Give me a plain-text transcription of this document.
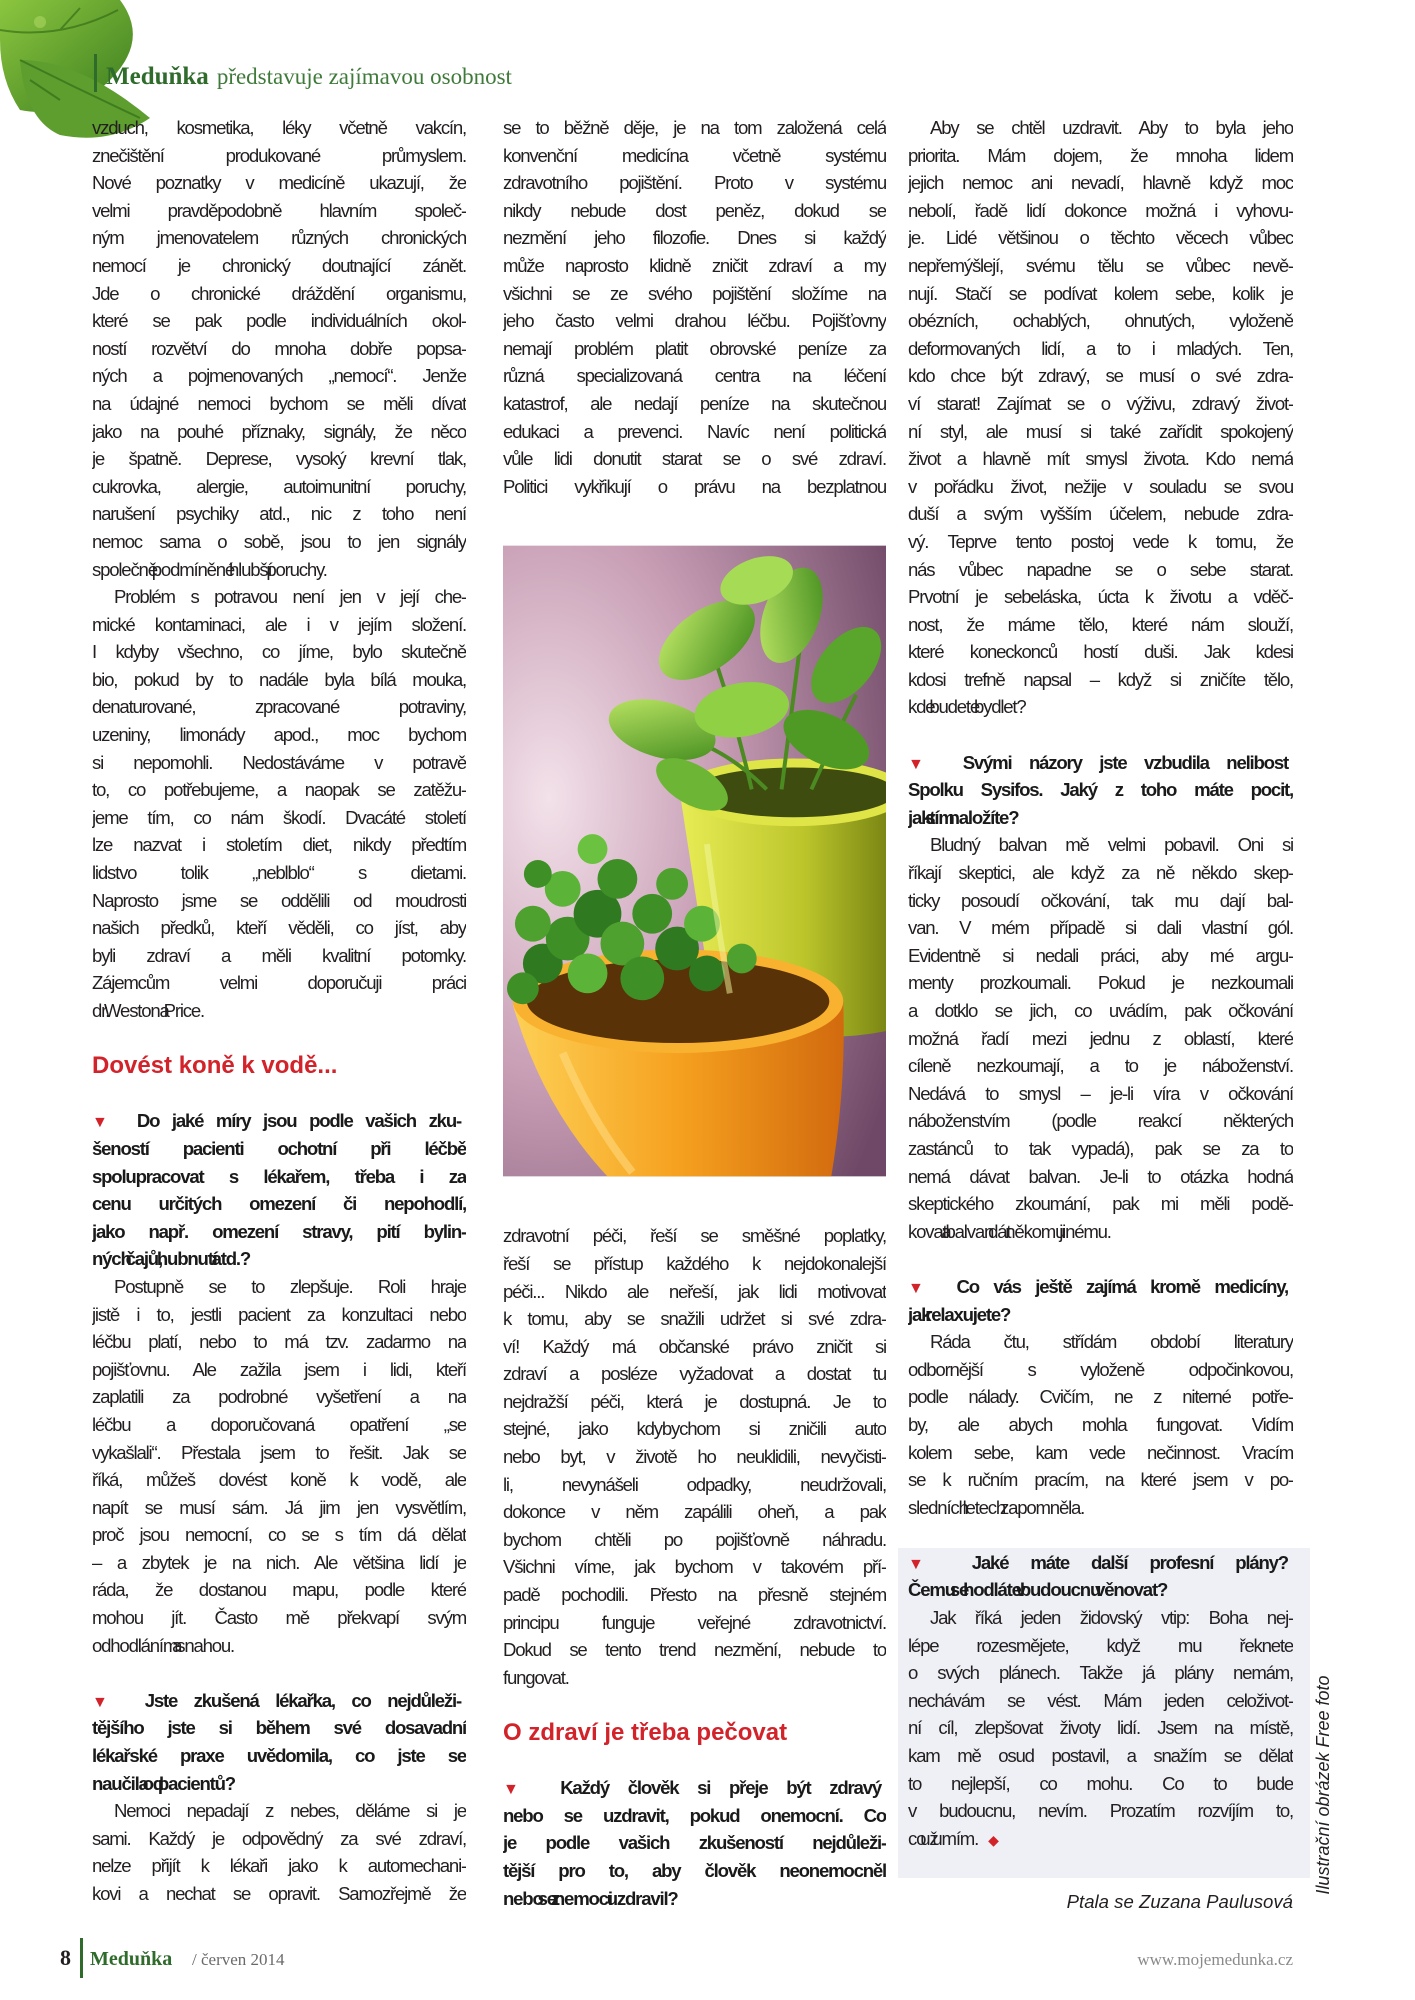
Meduňka představuje zajímavou osobnost
vzduch, kosmetika, léky včetně vakcín,
znečištění produkované průmyslem.
Nové poznatky v medicíně ukazují, že
velmi pravděpodobně hlavním společ-
ným jmenovatelem různých chronických
nemocí je chronický doutnající zánět.
Jde o chronické dráždění organismu,
které se pak podle individuálních okol-
ností rozvětví do mnoha dobře popsa-
ných a pojmenovaných „nemocí“. Jenže
na údajné nemoci bychom se měli dívat
jako na pouhé příznaky, signály, že něco
je špatně. Deprese, vysoký krevní tlak,
cukrovka, alergie, autoimunitní poruchy,
narušení psychiky atd., nic z toho není
nemoc sama o sobě, jsou to jen signály
společně podmíněné hlubší poruchy.
Problém s potravou není jen v její che-
mické kontaminaci, ale i v jejím složení.
I kdyby všechno, co jíme, bylo skutečně
bio, pokud by to nadále byla bílá mouka,
denaturované, zpracované potraviny,
uzeniny, limonády apod., moc bychom
si nepomohli. Nedostáváme v potravě
to, co potřebujeme, a naopak se zatěžu-
jeme tím, co nám škodí. Dvacáté století
lze nazvat i stoletím diet, nikdy předtím
lidstvo tolik „neblblo“ s dietami.
Naprosto jsme se oddělili od moudrosti
našich předků, kteří věděli, co jíst, aby
byli zdraví a měli kvalitní potomky.
Zájemcům velmi doporučuji práci
dr. Westona Price.
Dovést koně k vodě...
▼ Do jaké míry jsou podle vašich zku-
šeností pacienti ochotní při léčbě
spolupracovat s lékařem, třeba i za
cenu určitých omezení či nepohodlí,
jako např. omezení stravy, pití bylin-
ných čajů, hubnutí atd.?
Postupně se to zlepšuje. Roli hraje
jistě i to, jestli pacient za konzultaci nebo
léčbu platí, nebo to má tzv. zadarmo na
pojišťovnu. Ale zažila jsem i lidi, kteří
zaplatili za podrobné vyšetření a na
léčbu a doporučovaná opatření „se
vykašlali“. Přestala jsem to řešit. Jak se
říká, můžeš dovést koně k vodě, ale
napít se musí sám. Já jim jen vysvětlím,
proč jsou nemocní, co se s tím dá dělat
– a zbytek je na nich. Ale většina lidí je
ráda, že dostanou mapu, podle které
mohou jít. Často mě překvapí svým
odhodláním a snahou.
▼ Jste zkušená lékařka, co nejdůleži-
tějšího jste si během své dosavadní
lékařské praxe uvědomila, co jste se
naučila od pacientů?
Nemoci nepadají z nebes, děláme si je
sami. Každý je odpovědný za své zdraví,
nelze přijít k lékaři jako k automechani-
kovi a nechat se opravit. Samozřejmě že
se to běžně děje, je na tom založená celá
konvenční medicína včetně systému
zdravotního pojištění. Proto v systému
nikdy nebude dost peněz, dokud se
nezmění jeho filozofie. Dnes si každý
může naprosto klidně zničit zdraví a my
všichni se ze svého pojištění složíme na
jeho často velmi drahou léčbu. Pojišťovny
nemají problém platit obrovské peníze za
různá specializovaná centra na léčení
katastrof, ale nedají peníze na skutečnou
edukaci a prevenci. Navíc není politická
vůle lidi donutit starat se o své zdraví.
Politici vykřikují o právu na bezplatnou
zdravotní péči, řeší se směšné poplatky,
řeší se přístup každého k nejdokonalejší
péči... Nikdo ale neřeší, jak lidi motivovat
k tomu, aby se snažili udržet si své zdra-
ví! Každý má občanské právo zničit si
zdraví a posléze vyžadovat a dostat tu
nejdražší péči, která je dostupná. Je to
stejné, jako kdybychom si zničili auto
nebo byt, v životě ho neuklidili, nevyčisti-
li, nevynášeli odpadky, neudržovali,
dokonce v něm zapálili oheň, a pak
bychom chtěli po pojišťovně náhradu.
Všichni víme, jak bychom v takovém pří-
padě pochodili. Přesto na přesně stejném
principu funguje veřejné zdravotnictví.
Dokud se tento trend nezmění, nebude to
fungovat.
O zdraví je třeba pečovat
▼ Každý člověk si přeje být zdravý
nebo se uzdravit, pokud onemocní. Co
je podle vašich zkušeností nejdůleži-
tější pro to, aby člověk neonemocněl
nebo se z nemoci uzdravil?
Aby se chtěl uzdravit. Aby to byla jeho
priorita. Mám dojem, že mnoha lidem
jejich nemoc ani nevadí, hlavně když moc
nebolí, řadě lidí dokonce možná i vyhovu-
je. Lidé většinou o těchto věcech vůbec
nepřemýšlejí, svému tělu se vůbec nevě-
nují. Stačí se podívat kolem sebe, kolik je
obézních, ochablých, ohnutých, vyloženě
deformovaných lidí, a to i mladých. Ten,
kdo chce být zdravý, se musí o své zdra-
ví starat! Zajímat se o výživu, zdravý život-
ní styl, ale musí si také zařídit spokojený
život a hlavně mít smysl života. Kdo nemá
v pořádku život, nežije v souladu se svou
duší a svým vyšším účelem, nebude zdra-
vý. Teprve tento postoj vede k tomu, že
nás vůbec napadne se o sebe starat.
Prvotní je sebeláska, úcta k životu a vděč-
nost, že máme tělo, které nám slouží,
které koneckonců hostí duši. Jak kdesi
kdosi trefně napsal – když si zničíte tělo,
kde budete bydlet?
▼ Svými názory jste vzbudila nelibost
Spolku Sysifos. Jaký z toho máte pocit,
jak s tím naložíte?
Bludný balvan mě velmi pobavil. Oni si
říkají skeptici, ale když za ně někdo skep-
ticky posoudí očkování, tak mu dají bal-
van. V mém případě si dali vlastní gól.
Evidentně si nedali práci, aby mé argu-
menty prozkoumali. Pokud je nezkoumali
a dotklo se jich, co uvádím, pak očkování
možná řadí mezi jednu z oblastí, které
cíleně nezkoumají, a to je náboženství.
Nedává to smysl – je-li víra v očkování
náboženstvím (podle reakcí některých
zastánců to tak vypadá), pak se za to
nemá dávat balvan. Je-li to otázka hodná
skeptického zkoumání, pak mi měli podě-
kovat a balvan dát někomu jinému.
▼ Co vás ještě zajímá kromě medicíny,
jak relaxujete?
Ráda čtu, střídám období literatury
odbornější s vyloženě odpočinkovou,
podle nálady. Cvičím, ne z niterné potře-
by, ale abych mohla fungovat. Vidím
kolem sebe, kam vede nečinnost. Vracím
se k ručním pracím, na které jsem v po-
sledních letech zapomněla.
▼ Jaké máte další profesní plány?
Čemu se hodláte v budoucnu věnovat?
Jak říká jeden židovský vtip: Boha nej-
lépe rozesmějete, když mu řeknete
o svých plánech. Takže já plány nemám,
nechávám se vést. Mám jeden celoživot-
ní cíl, zlepšovat životy lidí. Jsem na místě,
kam mě osud postavil, a snažím se dělat
to nejlepší, co mohu. Co to bude
v budoucnu, nevím. Prozatím rozvíjím to,
co už umím. ◆
Ptala se Zuzana Paulusová
Ilustrační obrázek Free foto
8 Meduňka / červen 2014	www.mojemedunka.cz
